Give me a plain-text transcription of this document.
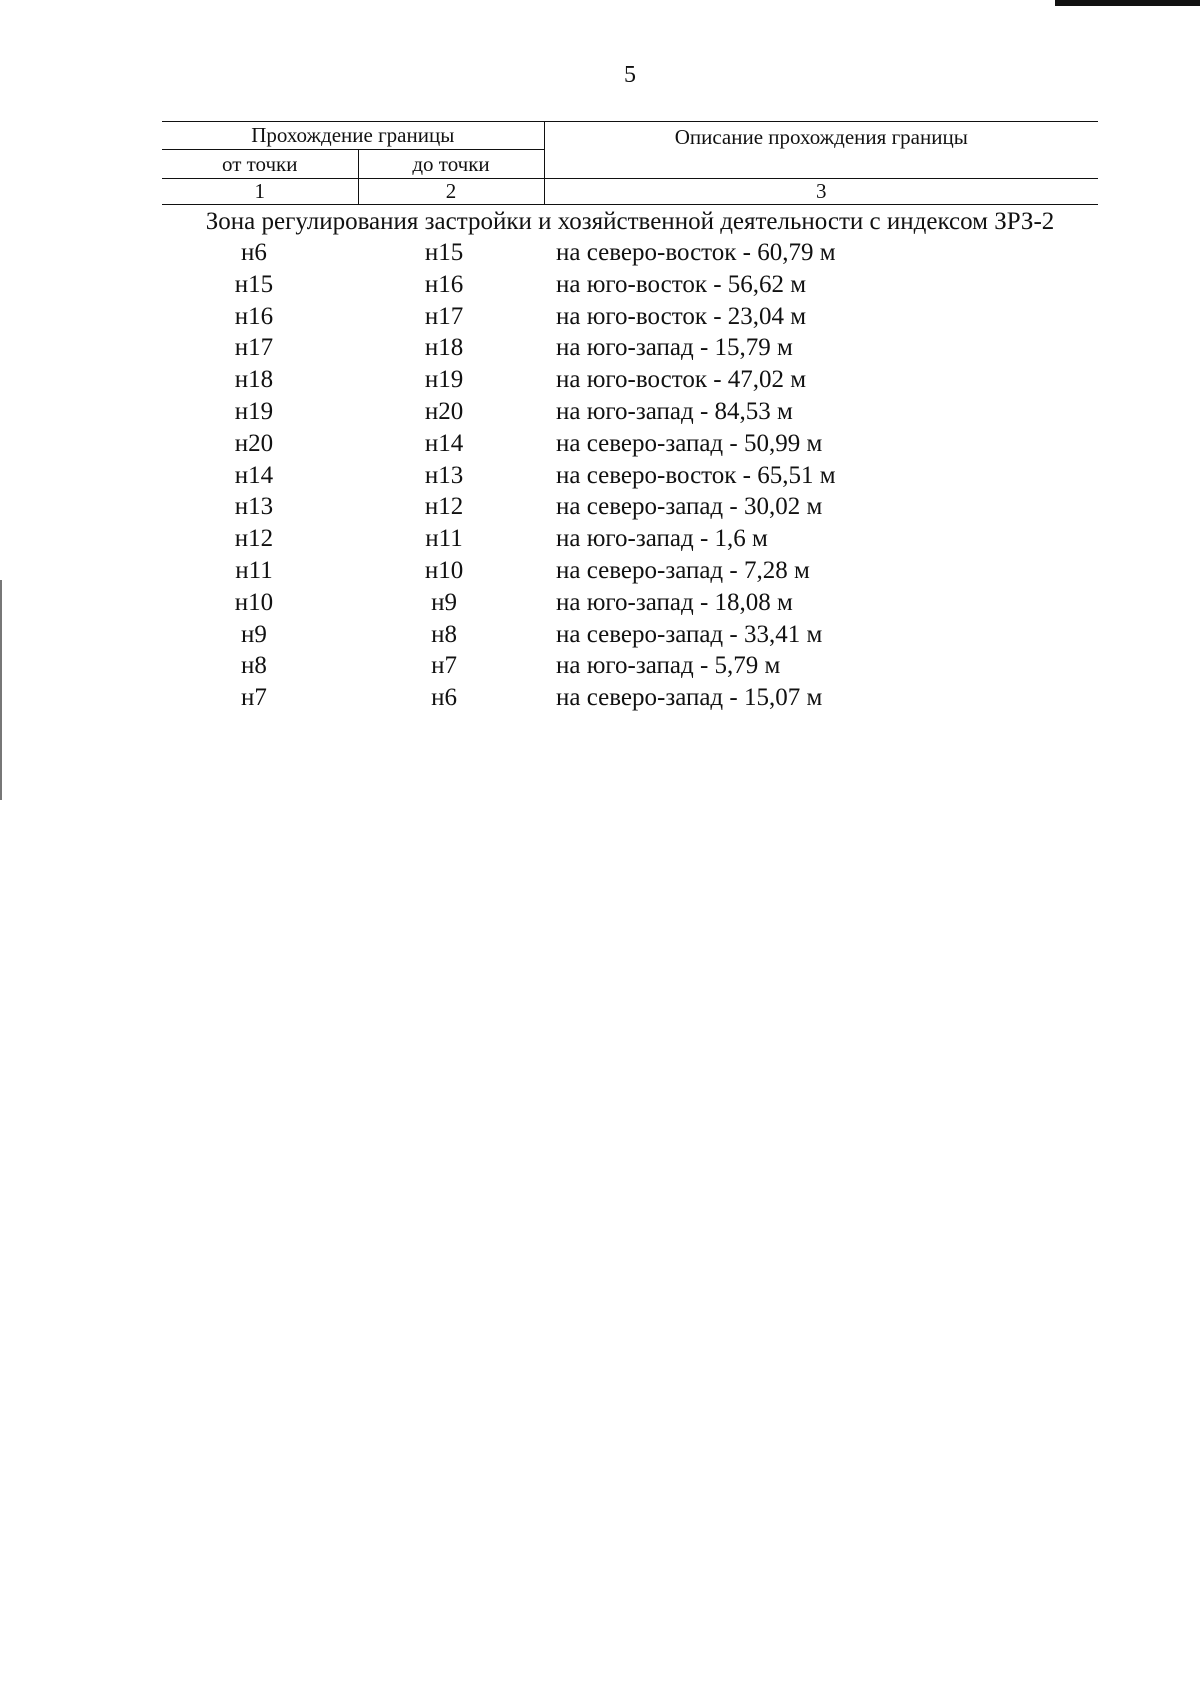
5
Прохождение границы		Описание прохождения границы
от точки	до точки	
1	2	3
Зона регулирования застройки и хозяйственной деятельности с индексом ЗРЗ-2		
н6	н15	на северо-восток - 60,79 м
н15	н16	на юго-восток - 56,62 м
н16	н17	на юго-восток - 23,04 м
н17	н18	на юго-запад - 15,79 м
н18	н19	на юго-восток - 47,02 м
н19	н20	на юго-запад - 84,53 м
н20	н14	на северо-запад - 50,99 м
н14	н13	на северо-восток - 65,51 м
н13	н12	на северо-запад - 30,02 м
н12	н11	на юго-запад - 1,6 м
н11	н10	на северо-запад - 7,28 м
н10	н9	на юго-запад - 18,08 м
н9	н8	на северо-запад - 33,41 м
н8	н7	на юго-запад - 5,79 м
н7	н6	на северо-запад - 15,07 м
